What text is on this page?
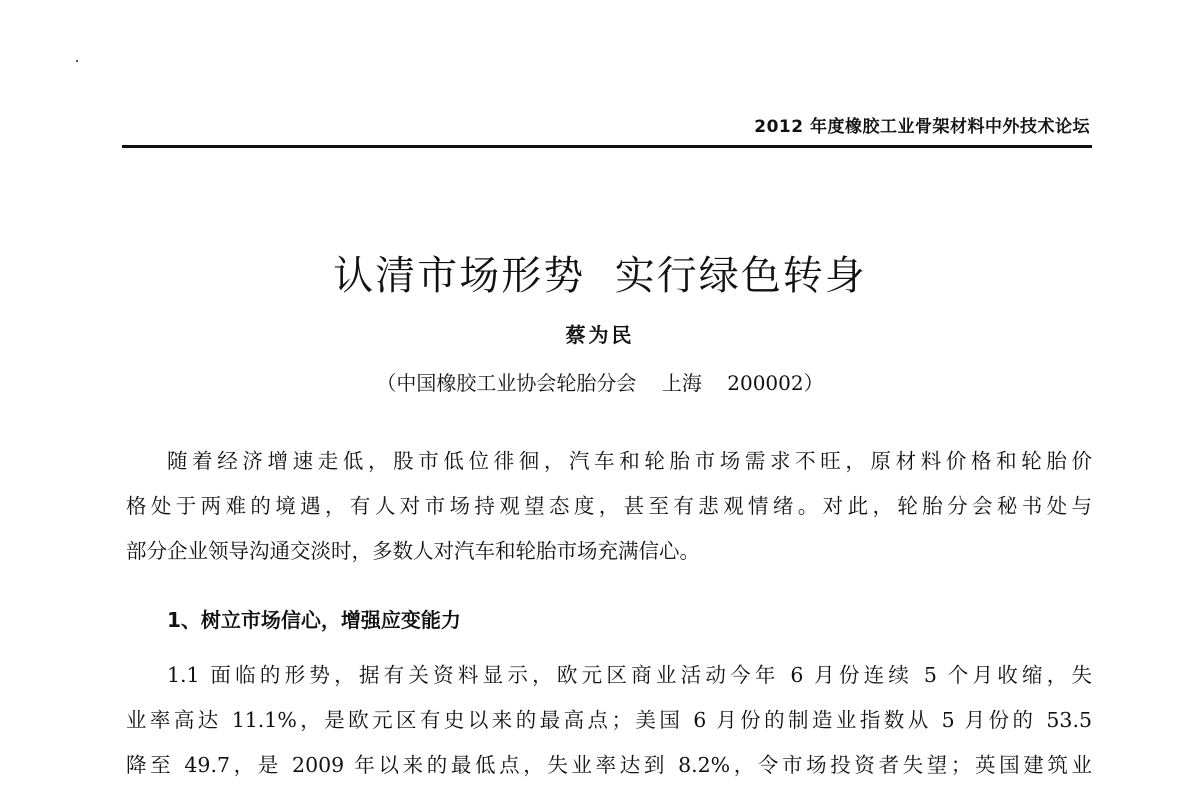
2012 年度橡胶工业骨架材料中外技术论坛
认清市场形势  实行绿色转身
蔡为民
（中国橡胶工业协会轮胎分会    上海    200002）
随着经济增速走低，股市低位徘徊，汽车和轮胎市场需求不旺，原材料价格和轮胎价
格处于两难的境遇，有人对市场持观望态度，甚至有悲观情绪。对此，轮胎分会秘书处与
部分企业领导沟通交淡时，多数人对汽车和轮胎市场充满信心。
1、树立市场信心，增强应变能力
1.1 面临的形势，据有关资料显示，欧元区商业活动今年 6 月份连续 5 个月收缩，失
业率高达 11.1%，是欧元区有史以来的最高点；美国 6 月份的制造业指数从 5 月份的 53.5
降至 49.7，是 2009 年以来的最低点，失业率达到 8.2%，令市场投资者失望；英国建筑业
